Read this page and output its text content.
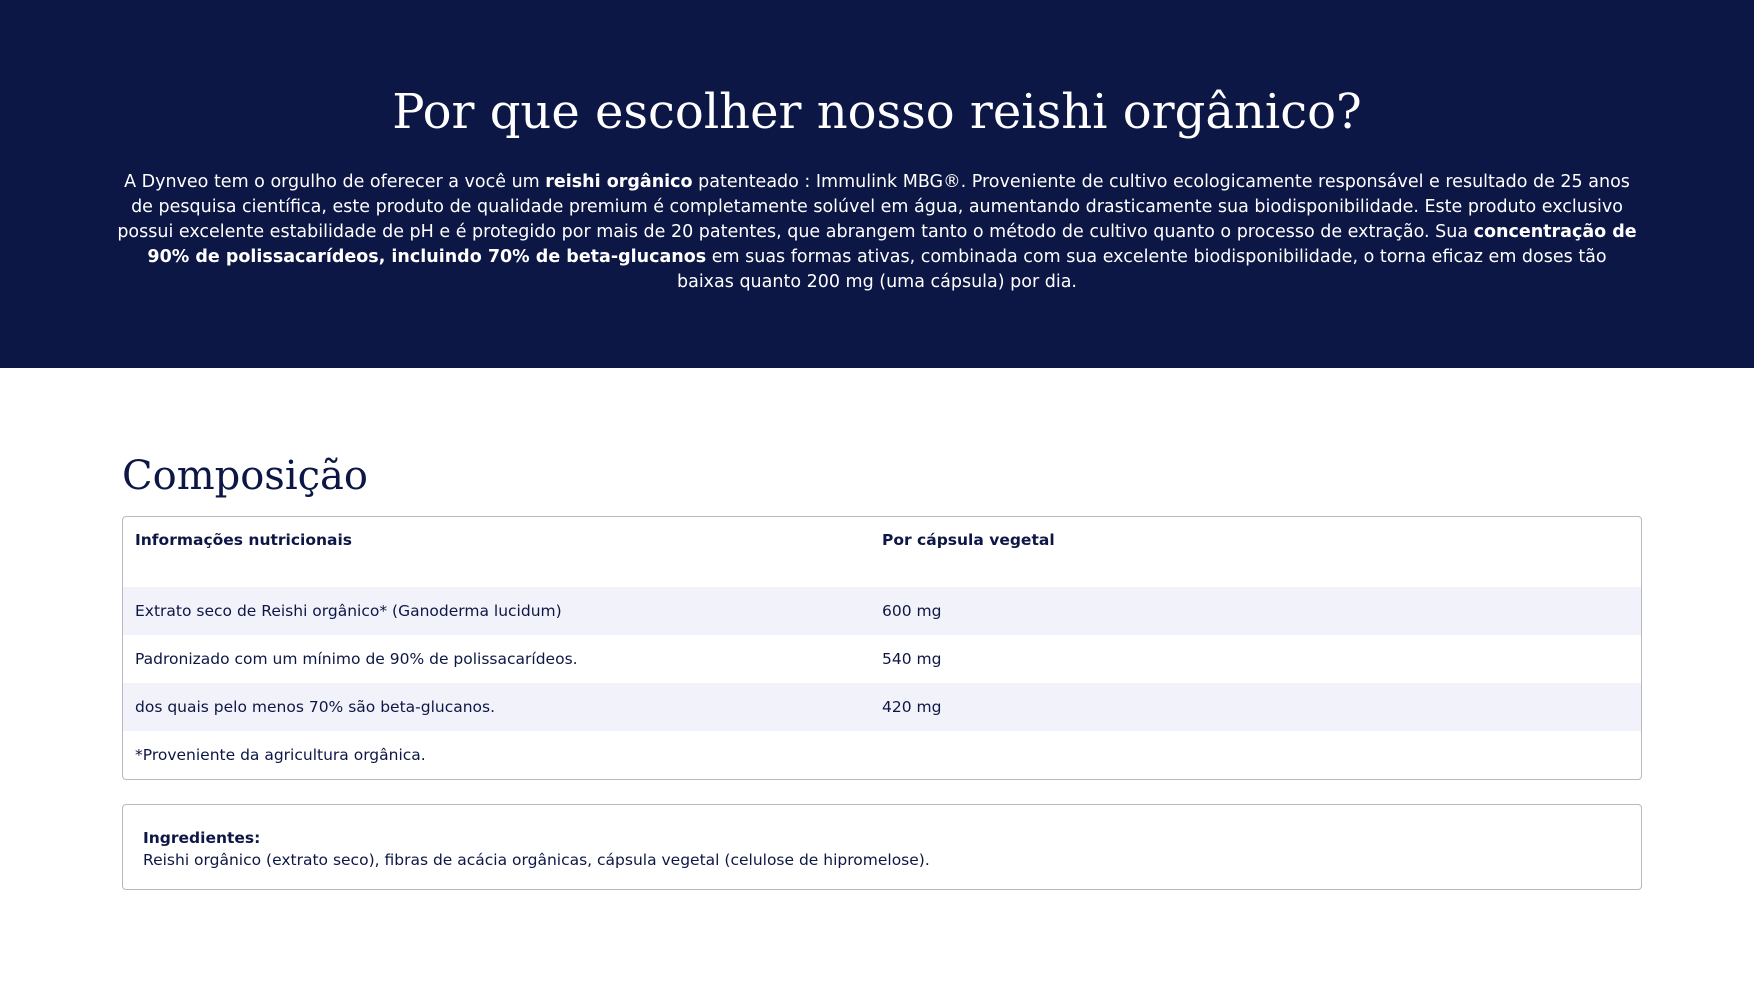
Por que escolher nosso reishi orgânico?

A Dynveo tem o orgulho de oferecer a você um reishi orgânico patenteado : Immulink MBG®. Proveniente de cultivo ecologicamente responsável e resultado de 25 anos de pesquisa científica, este produto de qualidade premium é completamente solúvel em água, aumentando drasticamente sua biodisponibilidade. Este produto exclusivo possui excelente estabilidade de pH e é protegido por mais de 20 patentes, que abrangem tanto o método de cultivo quanto o processo de extração. Sua concentração de 90% de polissacarídeos, incluindo 70% de beta-glucanos em suas formas ativas, combinada com sua excelente biodisponibilidade, o torna eficaz em doses tão baixas quanto 200 mg (uma cápsula) por dia.

Composição
Informações nutricionais	Por cápsula vegetal
Extrato seco de Reishi orgânico* (Ganoderma lucidum)	600 mg
Padronizado com um mínimo de 90% de polissacarídeos.	540 mg
dos quais pelo menos 70% são beta-glucanos.	420 mg
*Proveniente da agricultura orgânica.
Ingredientes:
Reishi orgânico (extrato seco), fibras de acácia orgânicas, cápsula vegetal (celulose de hipromelose).
